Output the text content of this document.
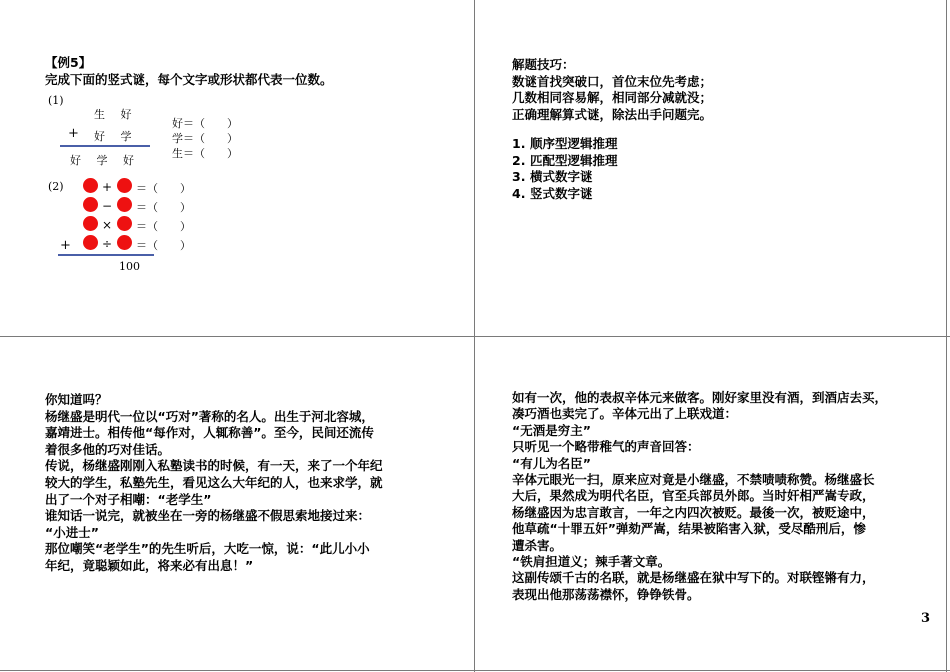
【例5】
完成下面的竖式谜，每个文字或形状都代表一位数。
(1)
生 好
+ 好 学
好 学 好
好＝（　　）
学＝（　　）
生＝（　　）
(2)	+ ＝（　　）
− ＝（　　）
× ＝（　　）
+	÷ ＝（　　）
100

解题技巧：

数谜首找突破口，首位末位先考虑；

几数相同容易解，相同部分减就没；

正确理解算式谜，除法出手问题完。

1. 顺序型逻辑推理
2. 匹配型逻辑推理
3. 横式数字谜
4. 竖式数字谜

你知道吗？

杨继盛是明代一位以“巧对”著称的名人。出生于河北容城，

嘉靖进士。相传他“每作对，人辄称善”。至今，民间还流传

着很多他的巧对佳话。

传说，杨继盛刚刚入私塾读书的时候，有一天，来了一个年纪

较大的学生，私塾先生，看见这么大年纪的人，也来求学，就

出了一个对子相嘲：“老学生”

谁知话一说完，就被坐在一旁的杨继盛不假思索地接过来：

“小进士”

那位嘲笑“老学生”的先生听后，大吃一惊，说：“此儿小小

年纪，竟聪颖如此，将来必有出息！”

如有一次，他的表叔辛体元来做客。刚好家里没有酒，到酒店去买，

凑巧酒也卖完了。辛体元出了上联戏道：

“无酒是穷主”

只听见一个略带稚气的声音回答：

“有儿为名臣”

辛体元眼光一扫，原来应对竟是小继盛，不禁啧啧称赞。杨继盛长

大后，果然成为明代名臣，官至兵部员外郎。当时奸相严嵩专政，

杨继盛因为忠言敢言，一年之内四次被贬。最後一次，被贬途中，

他草疏“十罪五奸”弹劾严嵩，结果被陷害入狱，受尽酷刑后，惨

遭杀害。

“铁肩担道义；辣手著文章。

这副传颂千古的名联，就是杨继盛在狱中写下的。对联铿锵有力，

表现出他那荡荡襟怀，铮铮铁骨。

3
